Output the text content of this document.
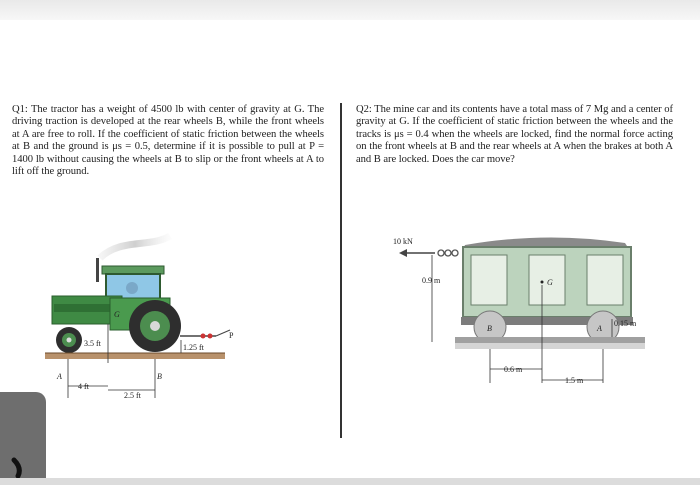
Q1: The tractor has a weight of 4500 lb with center of gravity at G. The driving traction is developed at the rear wheels B, while the front wheels at A are free to roll. If the coefficient of static friction between the wheels at B and the ground is μs = 0.5, determine if it is possible to pull at P = 1400 lb without causing the wheels at B to slip or the front wheels at A to lift off the ground.

Q2: The mine car and its contents have a total mass of 7 Mg and a center of gravity at G. If the coefficient of static friction between the wheels and the tracks is μs = 0.4 when the wheels are locked, find the normal force acting on the front wheels at B and the rear wheels at A when the brakes at both A and B are locked. Does the car move?

P
G
3.5 ft	1.25 ft
A	B
4 ft
2.5 ft
10 kN
G
0.9 m
B	A
0.15 m
0.6 m
1.5 m
